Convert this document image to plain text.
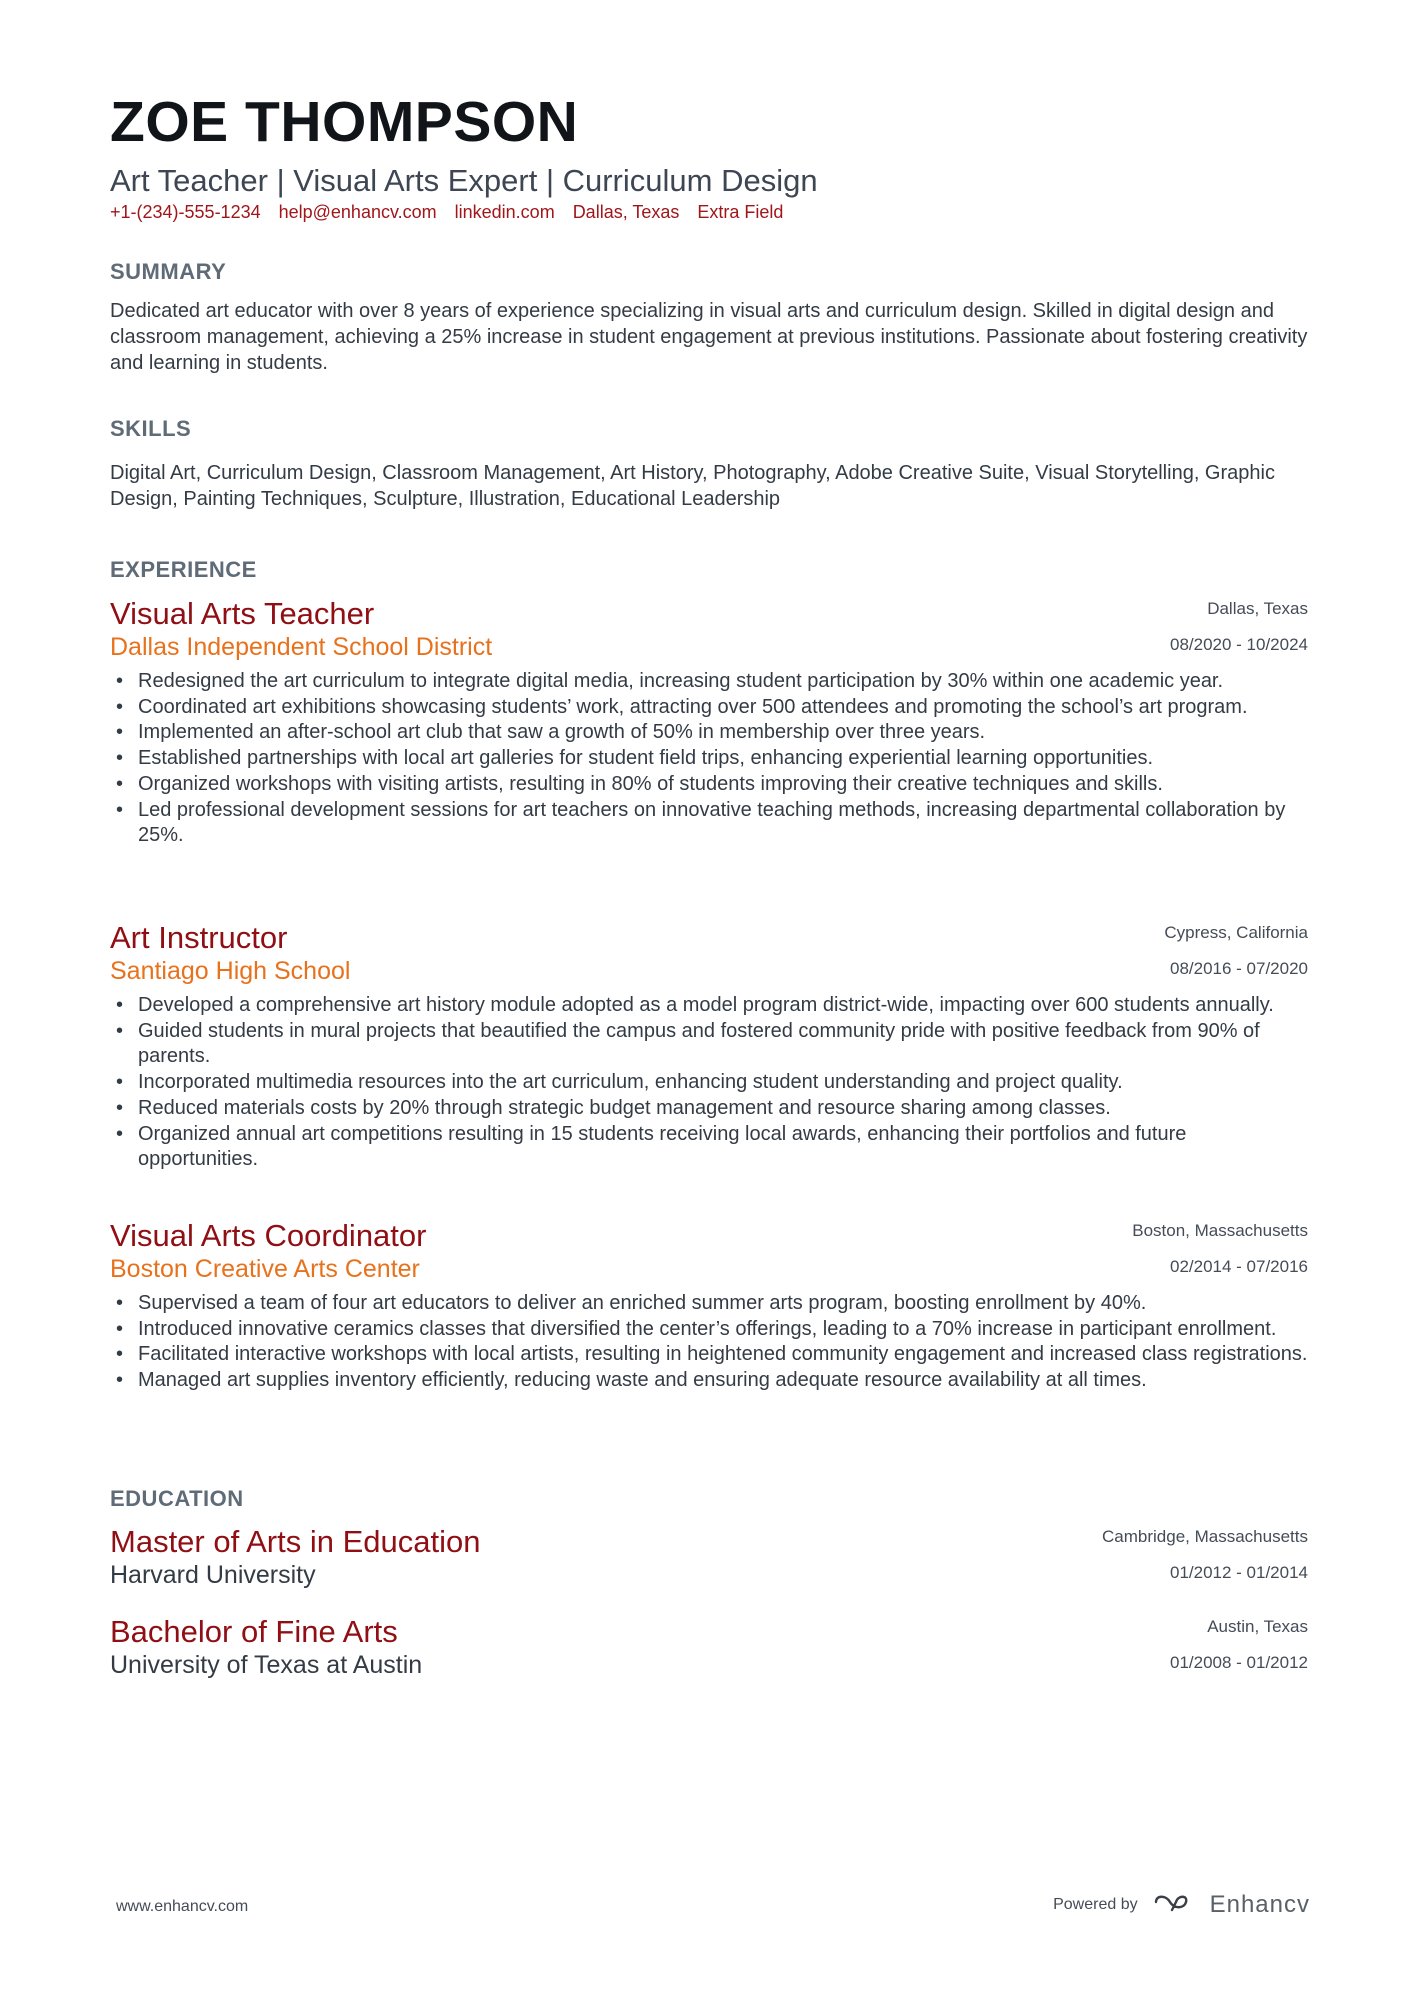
ZOE THOMPSON
Art Teacher | Visual Arts Expert | Curriculum Design
+1-(234)-555-1234 help@enhancv.com linkedin.com Dallas, Texas Extra Field
SUMMARY

Dedicated art educator with over 8 years of experience specializing in visual arts and curriculum design. Skilled in digital design and classroom management, achieving a 25% increase in student engagement at previous institutions. Passionate about fostering creativity and learning in students.

SKILLS

Digital Art, Curriculum Design, Classroom Management, Art History, Photography, Adobe Creative Suite, Visual Storytelling, Graphic Design, Painting Techniques, Sculpture, Illustration, Educational Leadership

EXPERIENCE
Visual Arts Teacher
Dallas Independent School District
Dallas, Texas
08/2020 - 10/2024
• Redesigned the art curriculum to integrate digital media, increasing student participation by 30% within one academic year.
• Coordinated art exhibitions showcasing students’ work, attracting over 500 attendees and promoting the school’s art program.
• Implemented an after-school art club that saw a growth of 50% in membership over three years.
• Established partnerships with local art galleries for student field trips, enhancing experiential learning opportunities.
• Organized workshops with visiting artists, resulting in 80% of students improving their creative techniques and skills.
• Led professional development sessions for art teachers on innovative teaching methods, increasing departmental collaboration by 25%.
Art Instructor
Santiago High School
Cypress, California
08/2016 - 07/2020
• Developed a comprehensive art history module adopted as a model program district-wide, impacting over 600 students annually.
• Guided students in mural projects that beautified the campus and fostered community pride with positive feedback from 90% of parents.
• Incorporated multimedia resources into the art curriculum, enhancing student understanding and project quality.
• Reduced materials costs by 20% through strategic budget management and resource sharing among classes.
• Organized annual art competitions resulting in 15 students receiving local awards, enhancing their portfolios and future opportunities.
Visual Arts Coordinator
Boston Creative Arts Center
Boston, Massachusetts
02/2014 - 07/2016
• Supervised a team of four art educators to deliver an enriched summer arts program, boosting enrollment by 40%.
• Introduced innovative ceramics classes that diversified the center’s offerings, leading to a 70% increase in participant enrollment.
• Facilitated interactive workshops with local artists, resulting in heightened community engagement and increased class registrations.
• Managed art supplies inventory efficiently, reducing waste and ensuring adequate resource availability at all times.
EDUCATION
Master of Arts in Education
Harvard University
Cambridge, Massachusetts
01/2012 - 01/2014
Bachelor of Fine Arts
University of Texas at Austin
Austin, Texas
01/2008 - 01/2012
www.enhancv.com	Powered by	Enhancv
